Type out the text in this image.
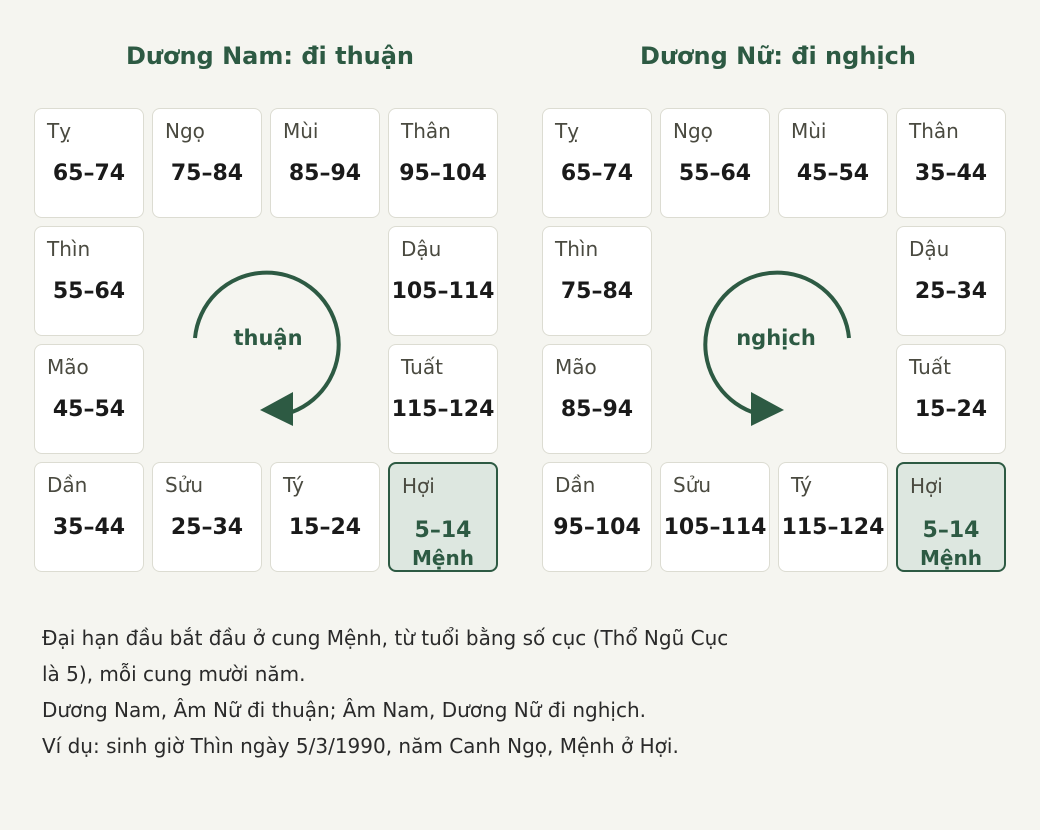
Dương Nam: đi thuận
Tỵ
65–74
Ngọ
75–84
Mùi
85–94
Thân
95–104
Thìn
55–64
Dậu
105–114
Mão
45–54
Tuất
115–124
Dần
35–44
Sửu
25–34
Tý
15–24
Hợi
5–14
Mệnh
thuận
Dương Nữ: đi nghịch
Tỵ
65–74
Ngọ
55–64
Mùi
45–54
Thân
35–44
Thìn
75–84
Dậu
25–34
Mão
85–94
Tuất
15–24
Dần
95–104
Sửu
105–114
Tý
115–124
Hợi
5–14
Mệnh
nghịch
Đại hạn đầu bắt đầu ở cung Mệnh, từ tuổi bằng số cục (Thổ Ngũ Cục
là 5), mỗi cung mười năm.
Dương Nam, Âm Nữ đi thuận; Âm Nam, Dương Nữ đi nghịch.
Ví dụ: sinh giờ Thìn ngày 5/3/1990, năm Canh Ngọ, Mệnh ở Hợi.
